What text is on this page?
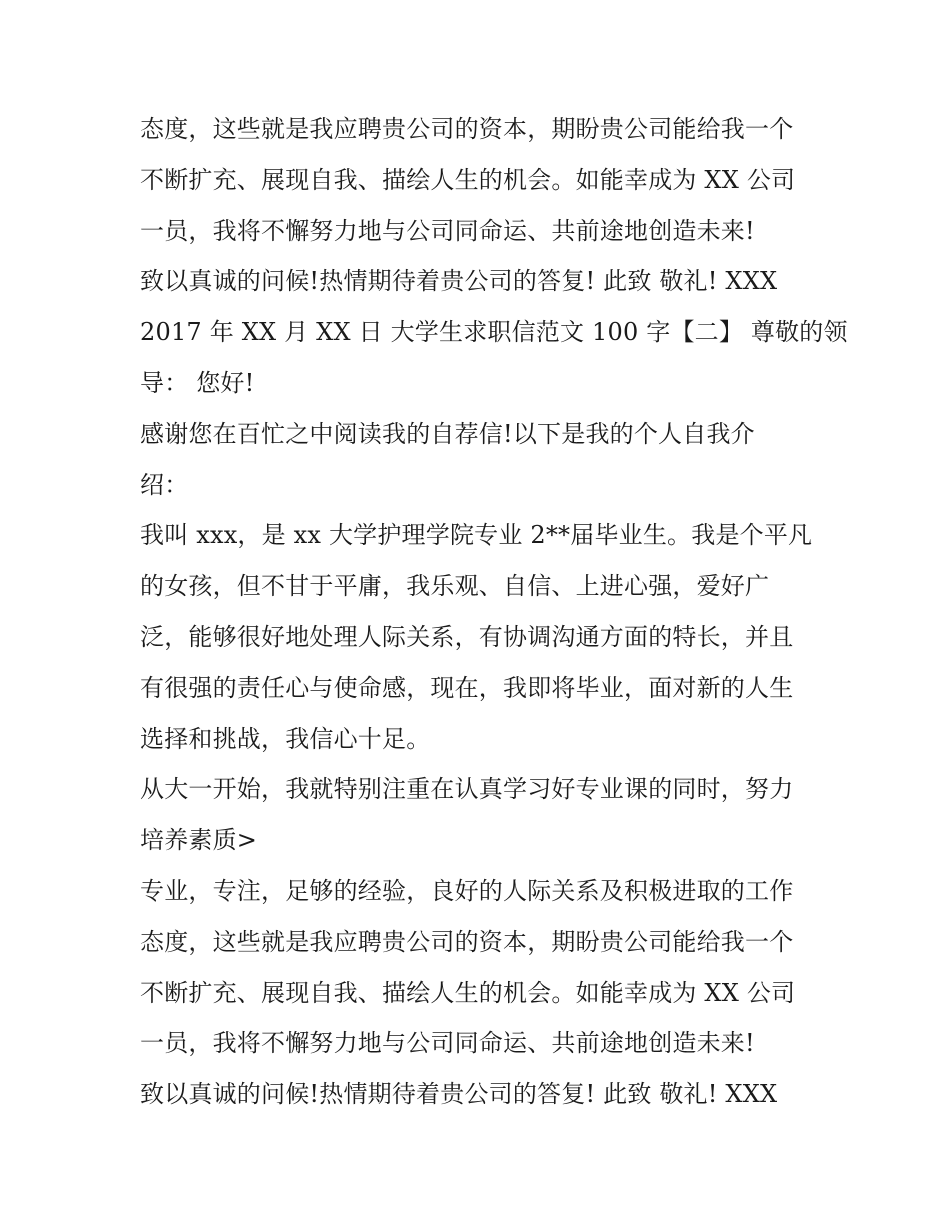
态度，这些就是我应聘贵公司的资本，期盼贵公司能给我一个
不断扩充、展现自我、描绘人生的机会。如能幸成为 XX 公司
一员，我将不懈努力地与公司同命运、共前途地创造未来!
致以真诚的问候!热情期待着贵公司的答复! 此致 敬礼! XXX
2017 年 XX 月 XX 日 大学生求职信范文 100 字【二】 尊敬的领
导： 您好!
感谢您在百忙之中阅读我的自荐信!以下是我的个人自我介
绍：
我叫 xxx，是 xx 大学护理学院专业 2**届毕业生。我是个平凡
的女孩，但不甘于平庸，我乐观、自信、上进心强，爱好广
泛，能够很好地处理人际关系，有协调沟通方面的特长，并且
有很强的责任心与使命感，现在，我即将毕业，面对新的人生
选择和挑战，我信心十足。
从大一开始，我就特别注重在认真学习好专业课的同时，努力
培养素质>
专业，专注，足够的经验，良好的人际关系及积极进取的工作
态度，这些就是我应聘贵公司的资本，期盼贵公司能给我一个
不断扩充、展现自我、描绘人生的机会。如能幸成为 XX 公司
一员，我将不懈努力地与公司同命运、共前途地创造未来!
致以真诚的问候!热情期待着贵公司的答复! 此致 敬礼! XXX
